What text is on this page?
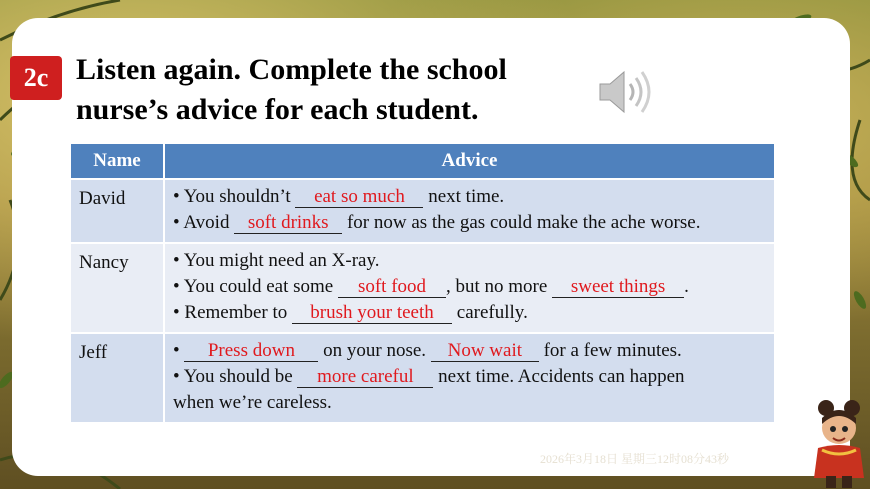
2c Listen again. Complete the school
nurse’s advice for each student.
Name	Advice
David	• You shouldn’t eat so much next time.
• Avoid soft drinks for now as the gas could make the ache worse.

Nancy	• You might need an X-ray.
• You could eat some soft food , but no more sweet things .
• Remember to brush your teeth carefully.

Jeff	• Press down on your nose. Now wait for a few minutes.
• You should be more careful next time. Accidents can happen
when we’re careless.
2026年3月18日 星期三12时08分43秒
